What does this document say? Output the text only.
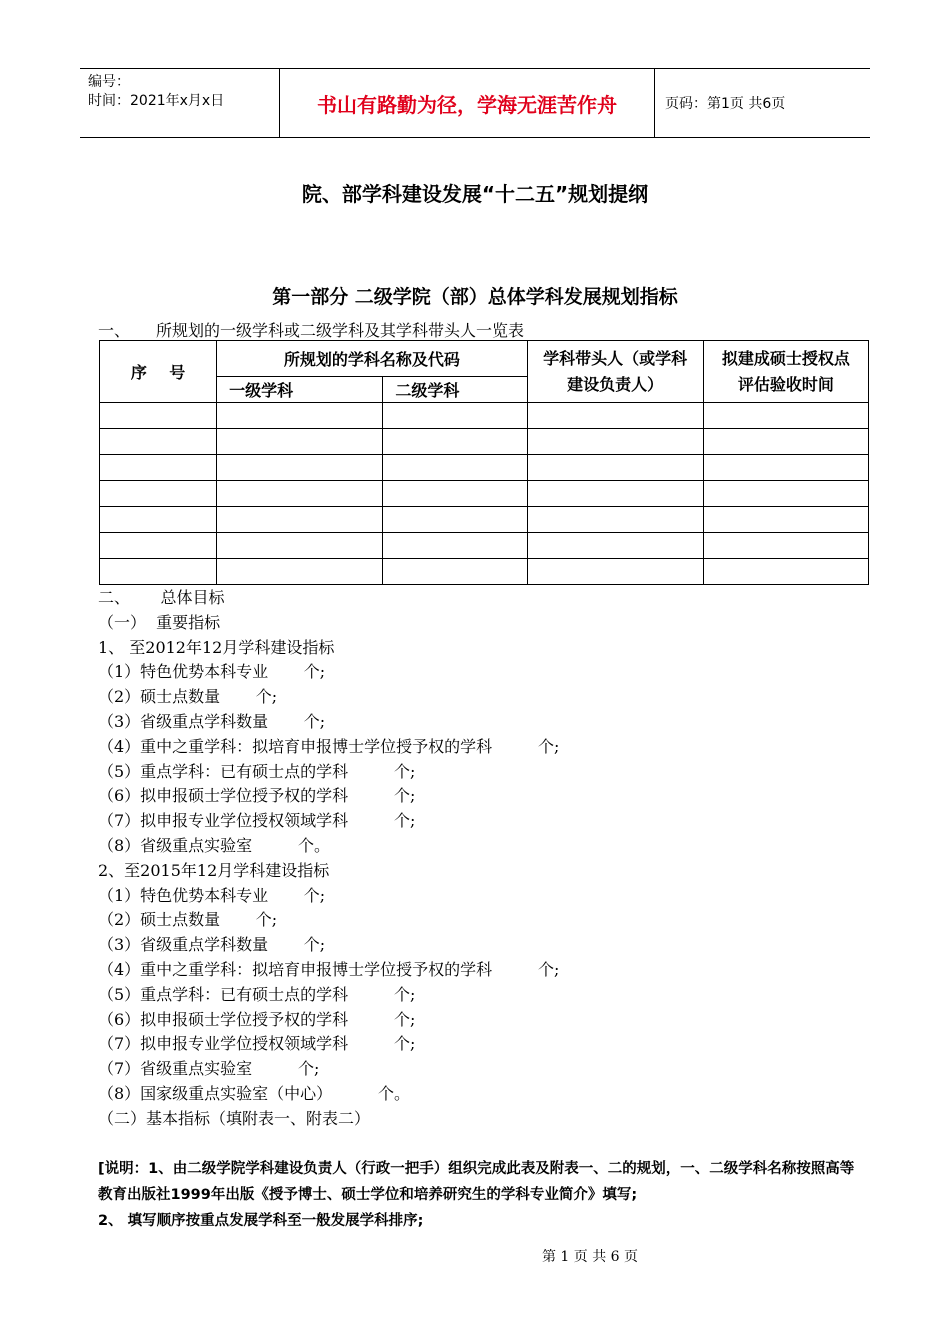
编号：
时间：2021年x月x日	书山有路勤为径，学海无涯苦作舟	页码：第1页 共6页
院、部学科建设发展“十二五”规划提纲
第一部分 二级学院（部）总体学科发展规划指标
一、 所规划的一级学科或二级学科及其学科带头人一览表
序    号	所规划的学科名称及代码		学科带头人（或学科建设负责人）	拟建成硕士授权点评估验收时间
	一级学科	二级学科		

二、      总体目标
（一）  重要指标
1、 至2012年12月学科建设指标
（1）特色优势本科专业       个;
（2）硕士点数量       个;
（3）省级重点学科数量       个;
（4）重中之重学科：拟培育申报博士学位授予权的学科         个;
（5）重点学科：已有硕士点的学科         个;
（6）拟申报硕士学位授予权的学科         个;
（7）拟申报专业学位授权领域学科         个;
（8）省级重点实验室         个。
2、至2015年12月学科建设指标
（1）特色优势本科专业       个;
（2）硕士点数量       个;
（3）省级重点学科数量       个;
（4）重中之重学科：拟培育申报博士学位授予权的学科         个;
（5）重点学科：已有硕士点的学科         个;
（6）拟申报硕士学位授予权的学科         个;
（7）拟申报专业学位授权领域学科         个;
（7）省级重点实验室         个;
（8）国家级重点实验室（中心）         个。
（二）基本指标（填附表一、附表二）
[说明：1、由二级学院学科建设负责人（行政一把手）组织完成此表及附表一、二的规划，一、二级学科名称按照高等教育出版社1999年出版《授予博士、硕士学位和培养研究生的学科专业简介》填写;
2、 填写顺序按重点发展学科至一般发展学科排序;
第 1 页 共 6 页
